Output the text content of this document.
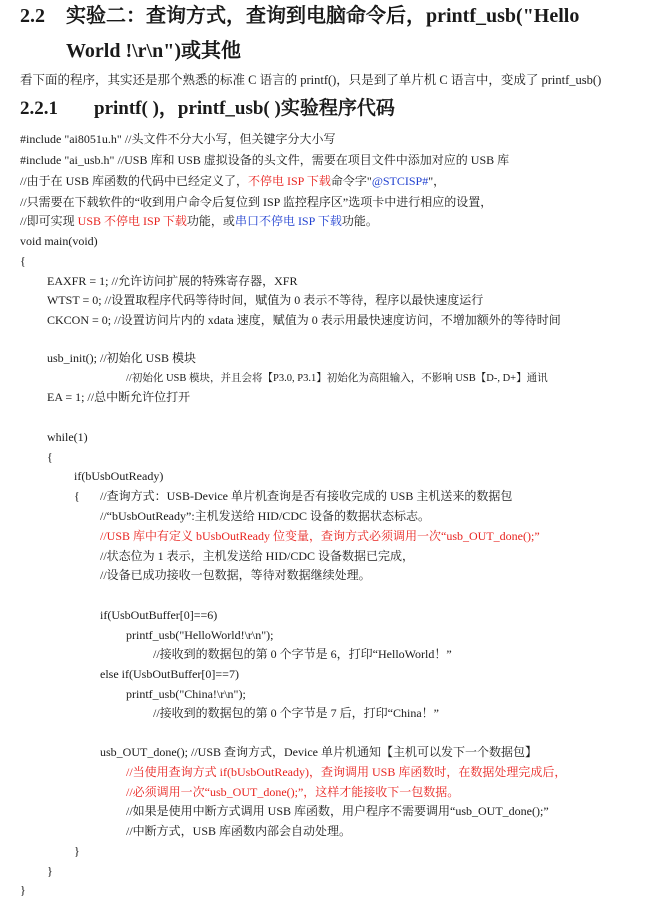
2.2 实验二：查询方式，查询到电脑命令后，printf_usb("Hello
World !\r\n")或其他
看下面的程序，其实还是那个熟悉的标准 C 语言的 printf()，只是到了单片机 C 语言中，变成了 printf_usb()
2.2.1 printf( )，printf_usb( )实验程序代码
#include "ai8051u.h" //头文件不分大小写，但关键字分大小写
#include "ai_usb.h" //USB 库和 USB 虚拟设备的头文件，需要在项目文件中添加对应的 USB 库
//由于在 USB 库函数的代码中已经定义了，不停电 ISP 下载命令字"@STCISP#"，
//只需要在下载软件的“收到用户命令后复位到 ISP 监控程序区”选项卡中进行相应的设置，
//即可实现 USB 不停电 ISP 下载功能，或串口不停电 ISP 下载功能。
void main(void)
{
EAXFR = 1; //允许访问扩展的特殊寄存器，XFR
WTST = 0; //设置取程序代码等待时间，赋值为 0 表示不等待，程序以最快速度运行
CKCON = 0; //设置访问片内的 xdata 速度，赋值为 0 表示用最快速度访问，不增加额外的等待时间
usb_init(); //初始化 USB 模块
//初始化 USB 模块，并且会将【P3.0, P3.1】初始化为高阻输入，不影响 USB【D-, D+】通讯
EA = 1; //总中断允许位打开
while(1)
{
if(bUsbOutReady)
{ //查询方式：USB-Device 单片机查询是否有接收完成的 USB 主机送来的数据包
//“bUsbOutReady”:主机发送给 HID/CDC 设备的数据状态标志。
//USB 库中有定义 bUsbOutReady 位变量，查询方式必须调用一次“usb_OUT_done();”
//状态位为 1 表示，主机发送给 HID/CDC 设备数据已完成，
//设备已成功接收一包数据，等待对数据继续处理。
if(UsbOutBuffer[0]==6)
printf_usb("HelloWorld!\r\n");
//接收到的数据包的第 0 个字节是 6，打印“HelloWorld！”
else if(UsbOutBuffer[0]==7)
printf_usb("China!\r\n");
//接收到的数据包的第 0 个字节是 7 后，打印“China！”
usb_OUT_done(); //USB 查询方式，Device 单片机通知【主机可以发下一个数据包】
//当使用查询方式 if(bUsbOutReady)，查询调用 USB 库函数时，在数据处理完成后，
//必须调用一次“usb_OUT_done();”，这样才能接收下一包数据。
//如果是使用中断方式调用 USB 库函数，用户程序不需要调用“usb_OUT_done();”
//中断方式，USB 库函数内部会自动处理。
}
}
}
